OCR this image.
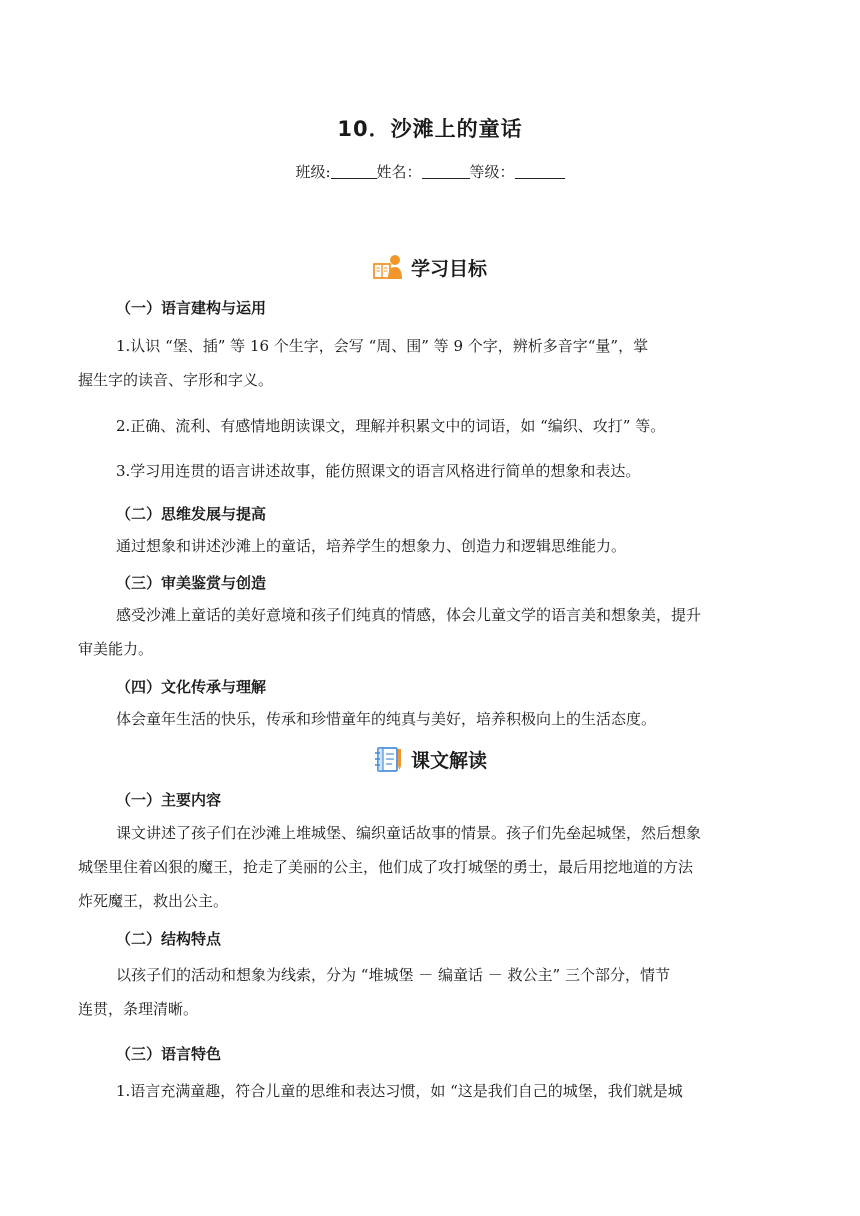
10．沙滩上的童话
班级:	姓名：	等级：
学习目标
（一）语言建构与运用
1.认识 “堡、插” 等 16 个生字，会写 “周、围” 等 9 个字，辨析多音字“量”，掌
握生字的读音、字形和字义。
2.正确、流利、有感情地朗读课文，理解并积累文中的词语，如 “编织、攻打” 等。
3.学习用连贯的语言讲述故事，能仿照课文的语言风格进行简单的想象和表达。
（二）思维发展与提高
通过想象和讲述沙滩上的童话，培养学生的想象力、创造力和逻辑思维能力。
（三）审美鉴赏与创造
感受沙滩上童话的美好意境和孩子们纯真的情感，体会儿童文学的语言美和想象美，提升
审美能力。
（四）文化传承与理解
体会童年生活的快乐，传承和珍惜童年的纯真与美好，培养积极向上的生活态度。
课文解读
（一）主要内容
课文讲述了孩子们在沙滩上堆城堡、编织童话故事的情景。孩子们先垒起城堡，然后想象
城堡里住着凶狠的魔王，抢走了美丽的公主，他们成了攻打城堡的勇士，最后用挖地道的方法
炸死魔王，救出公主。
（二）结构特点
以孩子们的活动和想象为线索，分为 “堆城堡 － 编童话 － 救公主” 三个部分，情节
连贯，条理清晰。
（三）语言特色
1.语言充满童趣，符合儿童的思维和表达习惯，如 “这是我们自己的城堡，我们就是城
